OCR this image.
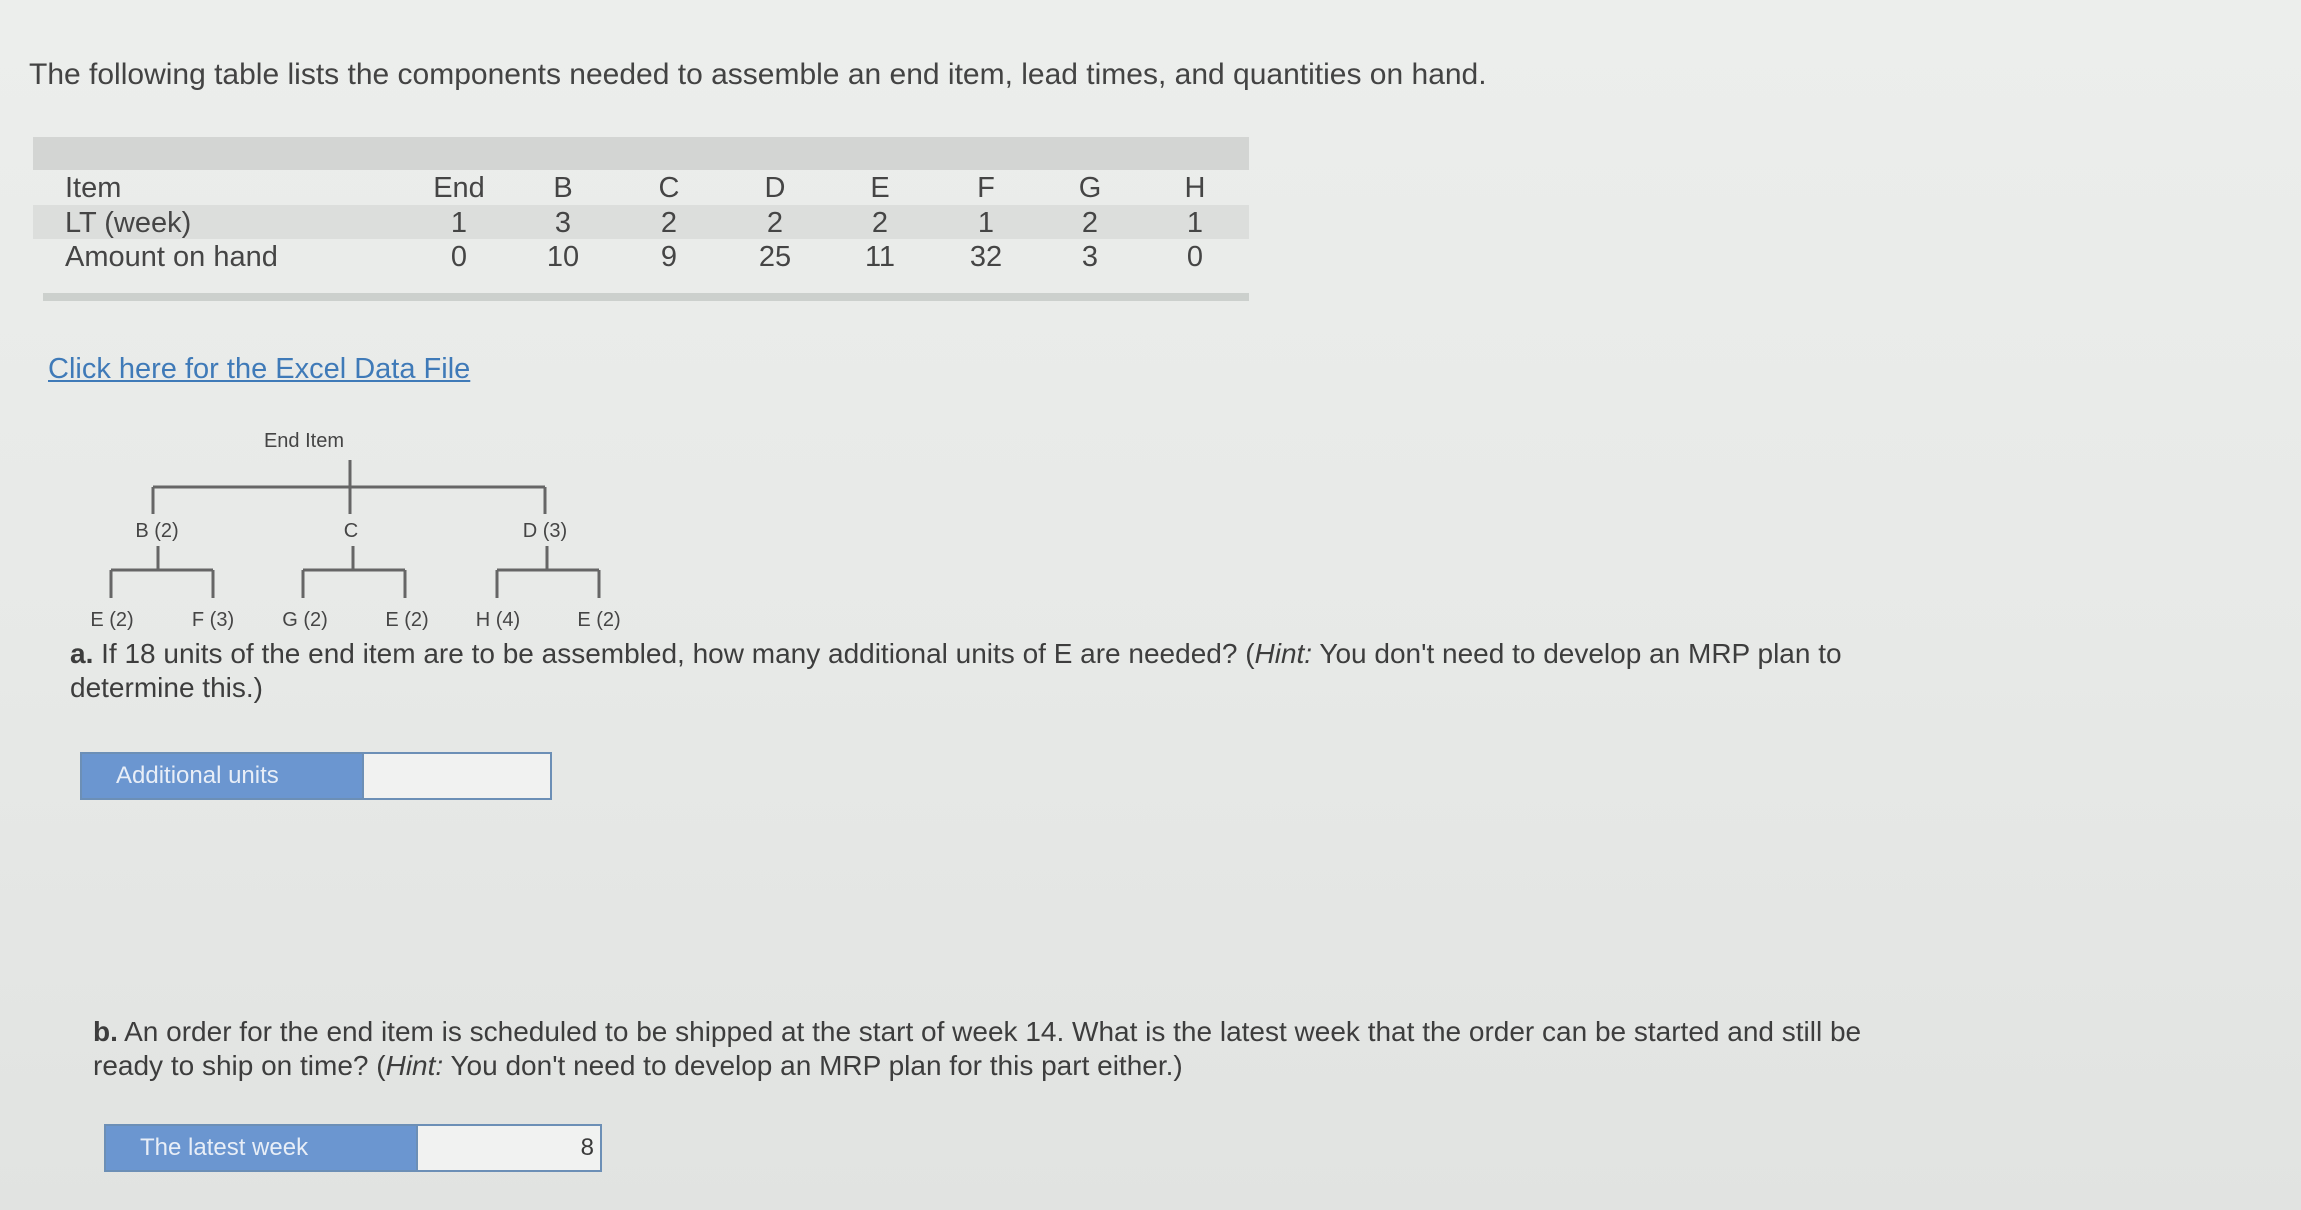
The following table lists the components needed to assemble an end item, lead times, and quantities on hand.
Item	End	B	C	D	E	F	G	H
LT (week)	1	3	2	2	2	1	2	1
Amount on hand	0	10	9	25	11	32	3	0
Click here for the Excel Data File
End Item
B (2)	C	D (3)
E (2)	F (3) G (2)	E (2) H (4)	E (2)
a. If 18 units of the end item are to be assembled, how many additional units of E are needed? (Hint: You don't need to develop an MRP plan to determine this.)
Additional units
b. An order for the end item is scheduled to be shipped at the start of week 14. What is the latest week that the order can be started and still be ready to ship on time? (Hint: You don't need to develop an MRP plan for this part either.)
The latest week
8
